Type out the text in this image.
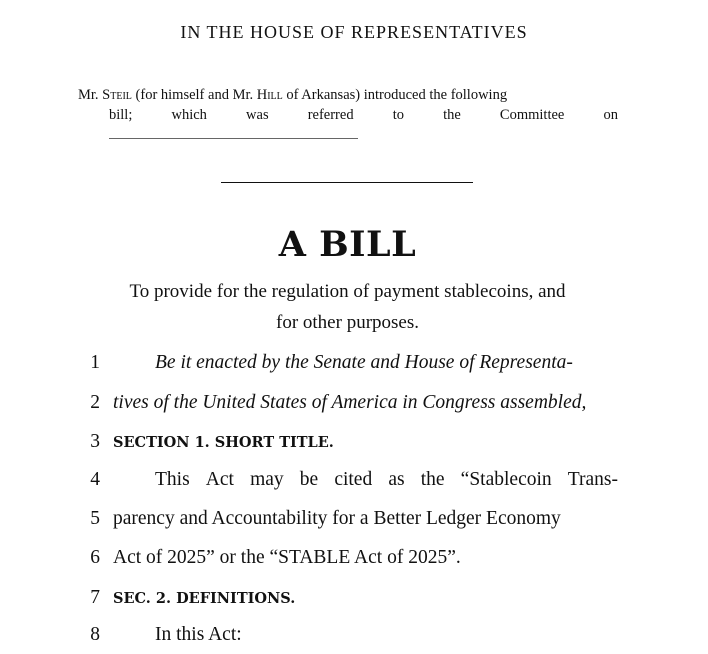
IN THE HOUSE OF REPRESENTATIVES
Mr. Steil (for himself and Mr. Hill of Arkansas) introduced the following
bill;	which	was	referred	to	the	Committee	on
A BILL
To provide for the regulation of payment stablecoins, and
for other purposes.
1	Be it enacted by the Senate and House of Representa-
2 tives of the United States of America in Congress assembled,
3 SECTION 1. SHORT TITLE.
4	This Act may be cited as the “Stablecoin Trans-
5 parency and Accountability for a Better Ledger Economy
6 Act of 2025” or the “STABLE Act of 2025”.
7 SEC. 2. DEFINITIONS.
8	In this Act:
